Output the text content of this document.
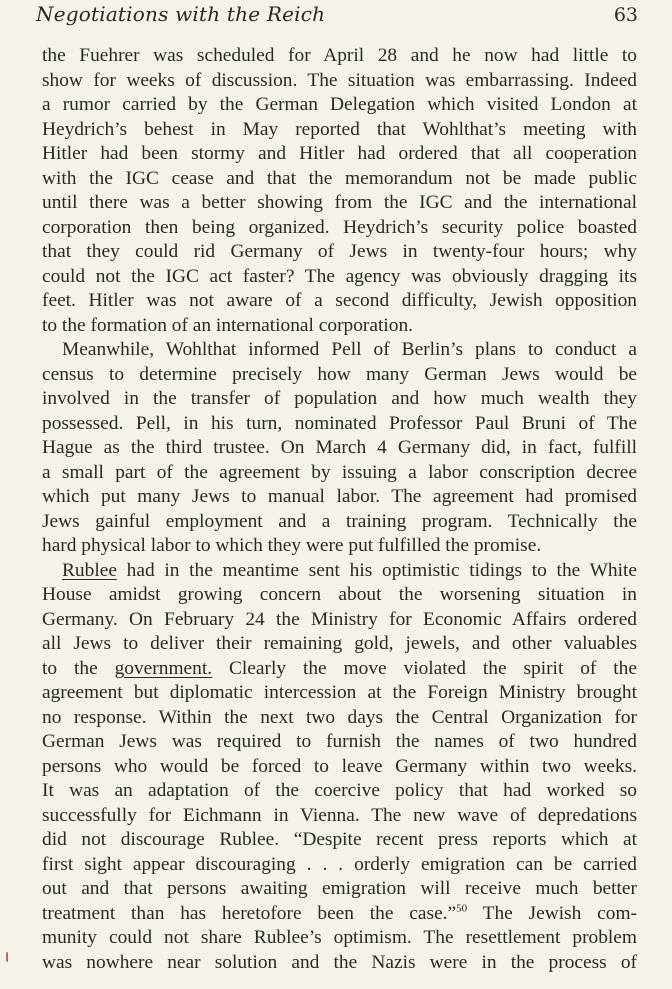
Negotiations with the Reich	63
the Fuehrer was scheduled for April 28 and he now had little to
show for weeks of discussion. The situation was embarrassing. Indeed
a rumor carried by the German Delegation which visited London at
Heydrich’s behest in May reported that Wohlthat’s meeting with
Hitler had been stormy and Hitler had ordered that all cooperation
with the IGC cease and that the memorandum not be made public
until there was a better showing from the IGC and the international
corporation then being organized. Heydrich’s security police boasted
that they could rid Germany of Jews in twenty-four hours; why
could not the IGC act faster? The agency was obviously dragging its
feet. Hitler was not aware of a second difficulty, Jewish opposition
to the formation of an international corporation.
Meanwhile, Wohlthat informed Pell of Berlin’s plans to conduct a
census to determine precisely how many German Jews would be
involved in the transfer of population and how much wealth they
possessed. Pell, in his turn, nominated Professor Paul Bruni of The
Hague as the third trustee. On March 4 Germany did, in fact, fulfill
a small part of the agreement by issuing a labor conscription decree
which put many Jews to manual labor. The agreement had promised
Jews gainful employment and a training program. Technically the
hard physical labor to which they were put fulfilled the promise.
Rublee had in the meantime sent his optimistic tidings to the White
House amidst growing concern about the worsening situation in
Germany. On February 24 the Ministry for Economic Affairs ordered
all Jews to deliver their remaining gold, jewels, and other valuables
to the government. Clearly the move violated the spirit of the
agreement but diplomatic intercession at the Foreign Ministry brought
no response. Within the next two days the Central Organization for
German Jews was required to furnish the names of two hundred
persons who would be forced to leave Germany within two weeks.
It was an adaptation of the coercive policy that had worked so
successfully for Eichmann in Vienna. The new wave of depredations
did not discourage Rublee. “Despite recent press reports which at
first sight appear discouraging . . . orderly emigration can be carried
out and that persons awaiting emigration will receive much better
treatment than has heretofore been the case.”$^{50}$ The Jewish com-
munity could not share Rublee’s optimism. The resettlement problem
was nowhere near solution and the Nazis were in the process of
